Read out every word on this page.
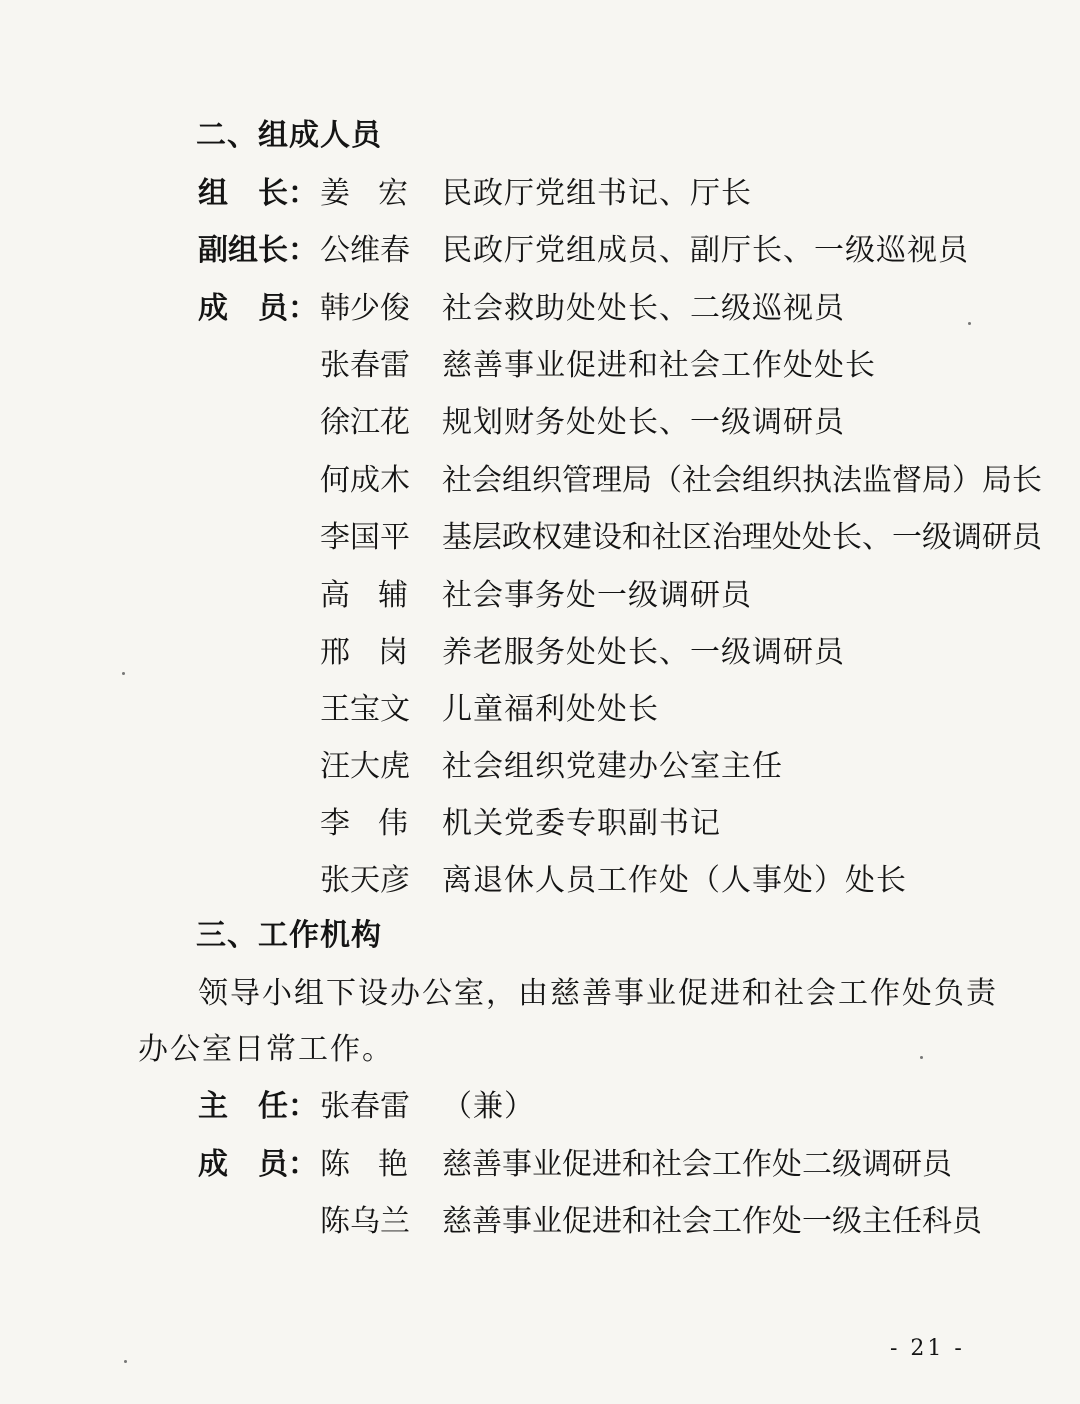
二、组成人员
组　长： 姜宏 民政厅党组书记、厅长
副组长： 公维春 民政厅党组成员、副厅长、一级巡视员
成　员： 韩少俊 社会救助处处长、二级巡视员
张春雷 慈善事业促进和社会工作处处长
徐江花 规划财务处处长、一级调研员
何成木 社会组织管理局（社会组织执法监督局）局长
李国平 基层政权建设和社区治理处处长、一级调研员
高辅 社会事务处一级调研员
邢岗 养老服务处处长、一级调研员
王宝文 儿童福利处处长
汪大虎 社会组织党建办公室主任
李伟 机关党委专职副书记
张天彦 离退休人员工作处（人事处）处长
三、工作机构
领导小组下设办公室，由慈善事业促进和社会工作处负责
办公室日常工作。
主　任： 张春雷 （兼）
成　员： 陈艳 慈善事业促进和社会工作处二级调研员
陈乌兰 慈善事业促进和社会工作处一级主任科员
- 21 -
